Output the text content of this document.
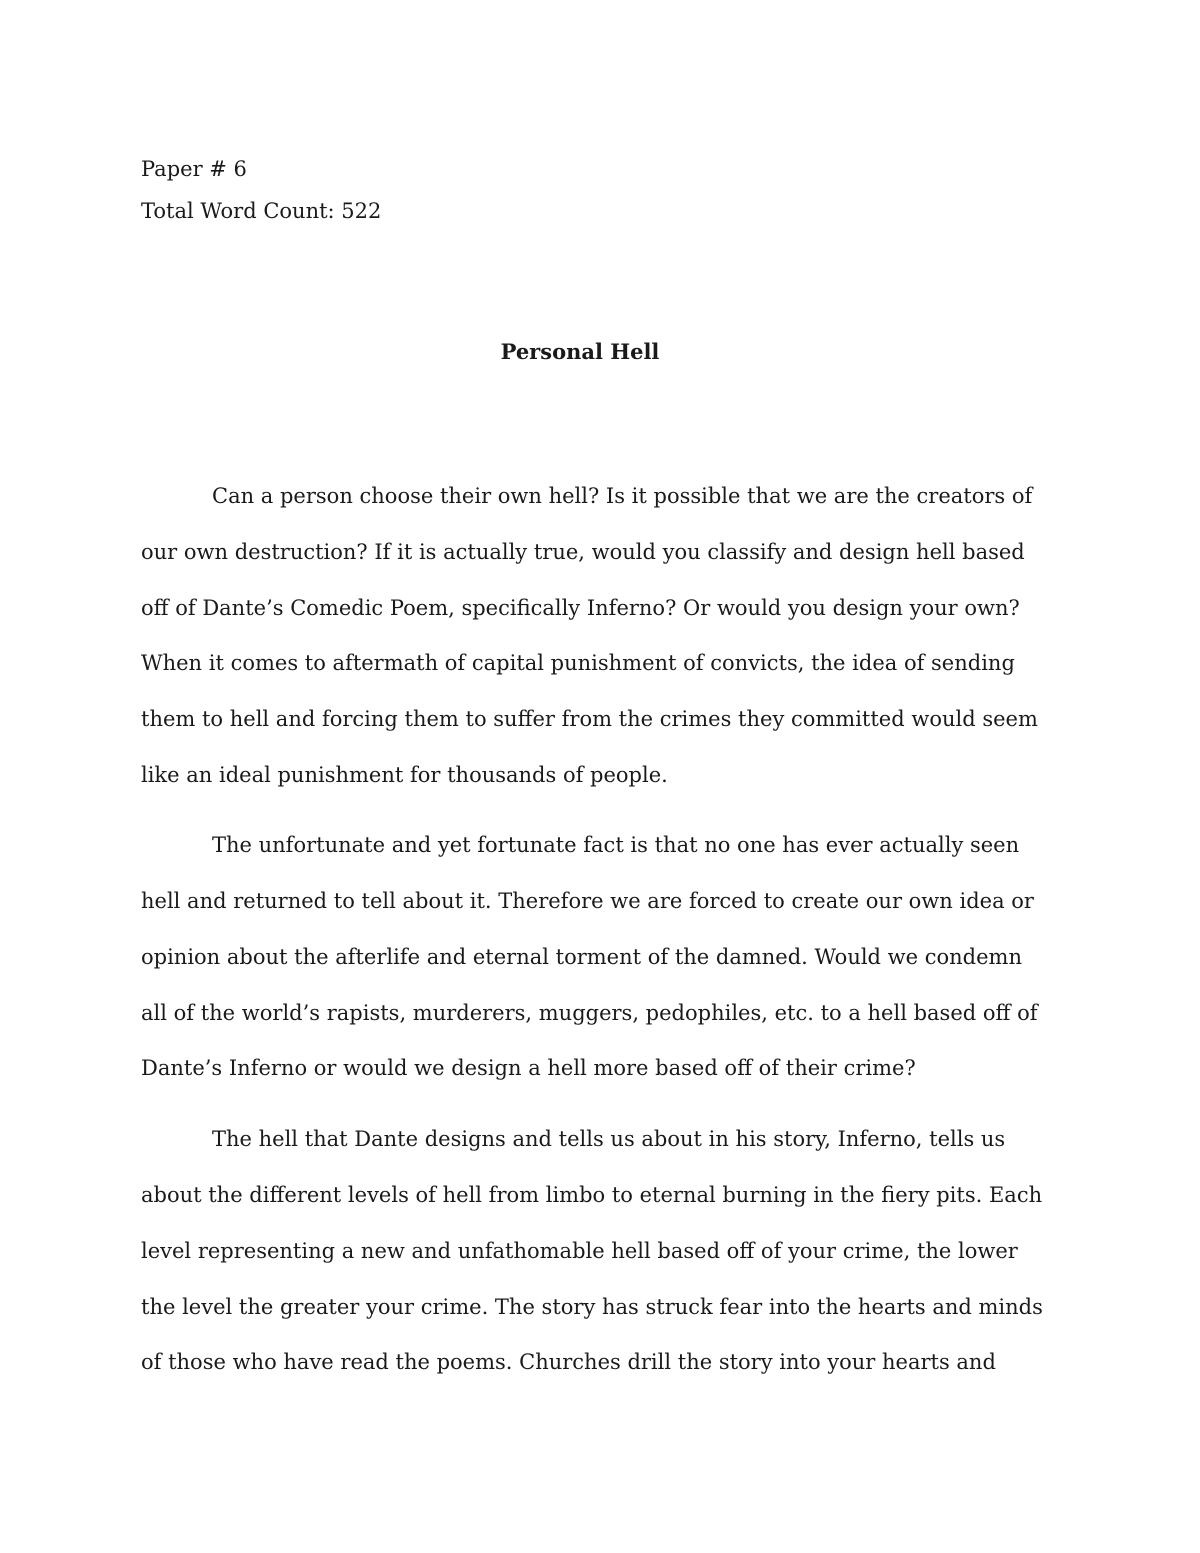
Paper # 6
Total Word Count: 522
Personal Hell
Can a person choose their own hell? Is it possible that we are the creators of
our own destruction? If it is actually true, would you classify and design hell based
off of Dante’s Comedic Poem, specifically Inferno? Or would you design your own?
When it comes to aftermath of capital punishment of convicts, the idea of sending
them to hell and forcing them to suffer from the crimes they committed would seem
like an ideal punishment for thousands of people.
The unfortunate and yet fortunate fact is that no one has ever actually seen
hell and returned to tell about it. Therefore we are forced to create our own idea or
opinion about the afterlife and eternal torment of the damned. Would we condemn
all of the world’s rapists, murderers, muggers, pedophiles, etc. to a hell based off of
Dante’s Inferno or would we design a hell more based off of their crime?
The hell that Dante designs and tells us about in his story, Inferno, tells us
about the different levels of hell from limbo to eternal burning in the fiery pits. Each
level representing a new and unfathomable hell based off of your crime, the lower
the level the greater your crime. The story has struck fear into the hearts and minds
of those who have read the poems. Churches drill the story into your hearts and
